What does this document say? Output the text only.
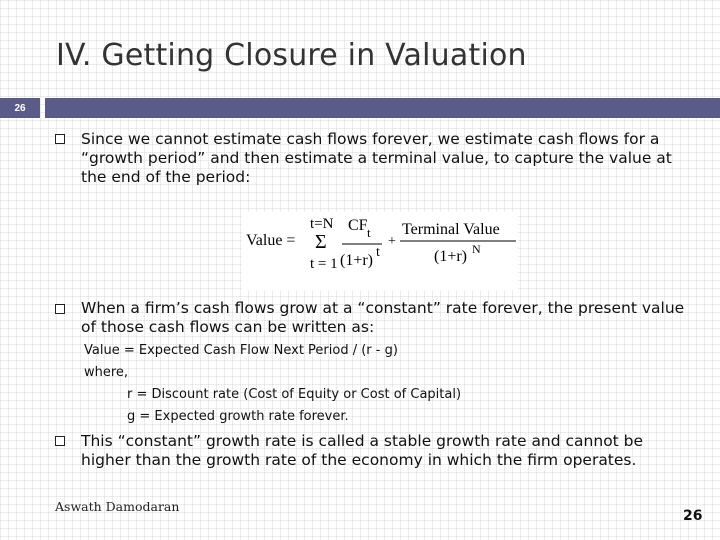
IV. Getting Closure in Valuation
26
Since we cannot estimate cash flows forever, we estimate cash flows for a “growth period” and then estimate a terminal value, to capture the value at the end of the period:
Value =
t=N
Σ
t = 1
CF t
(1+r) t
+
Terminal Value
(1+r) N
When a firm’s cash flows grow at a “constant” rate forever, the present value of those cash flows can be written as:
Value = Expected Cash Flow Next Period / (r - g)
where,
r = Discount rate (Cost of Equity or Cost of Capital)
g = Expected growth rate forever.
This “constant” growth rate is called a stable growth rate and cannot be higher than the growth rate of the economy in which the firm operates.
Aswath Damodaran
26
